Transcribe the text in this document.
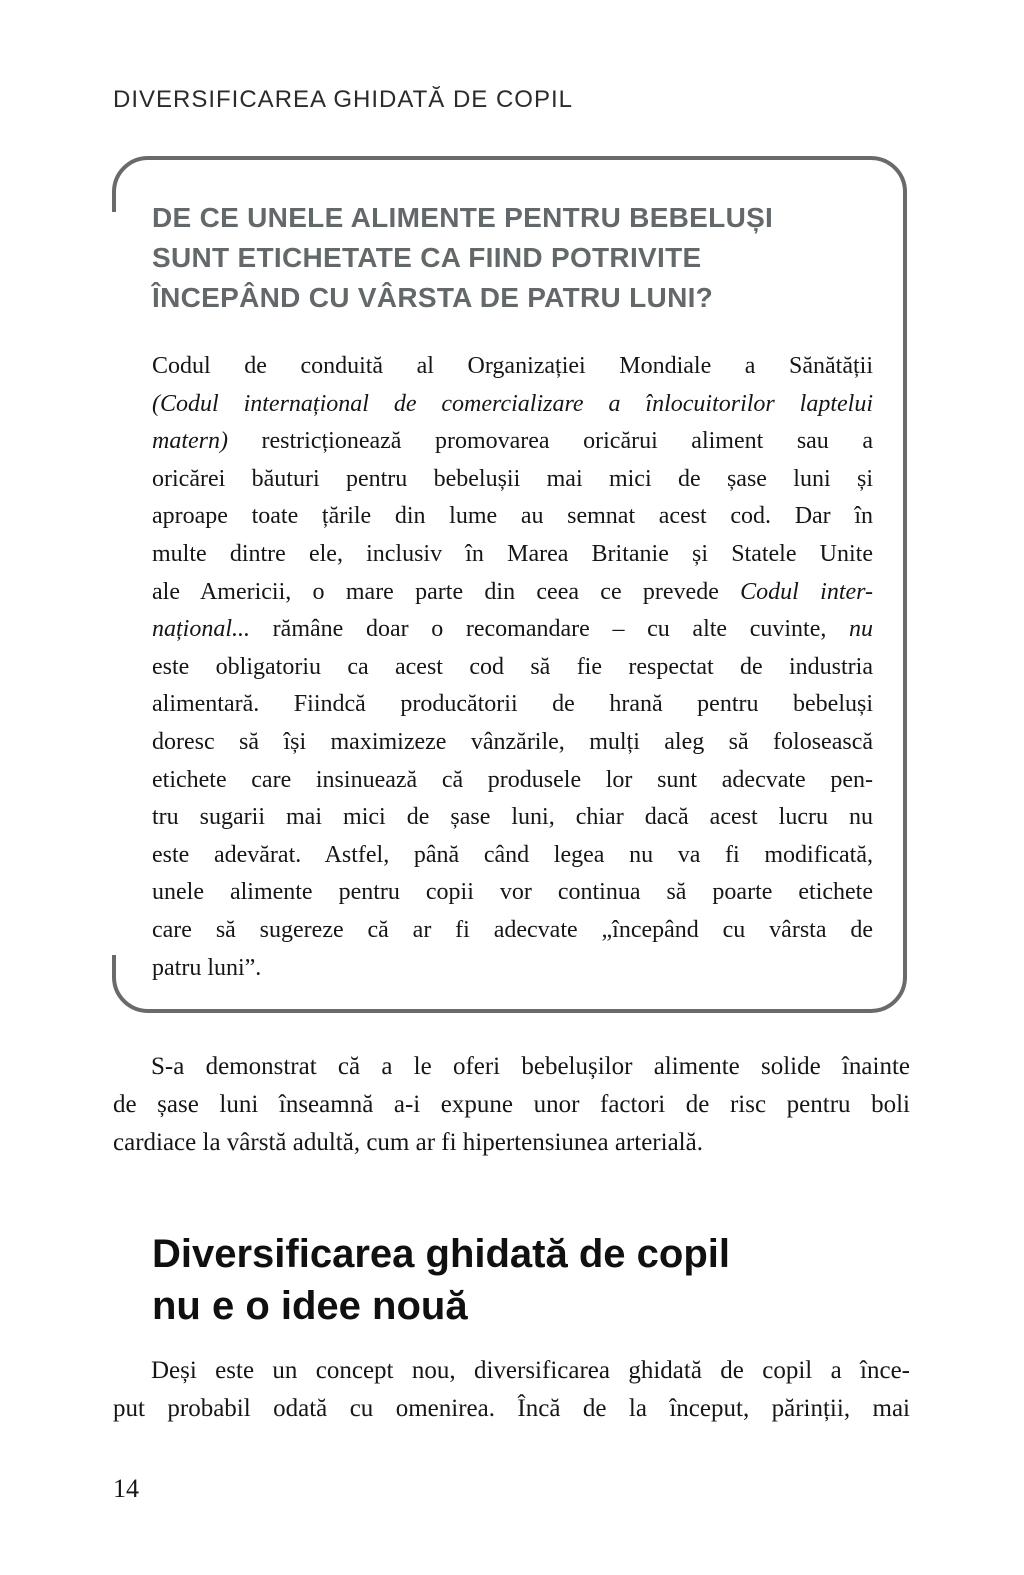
DIVERSIFICAREA GHIDATĂ DE COPIL
DE CE UNELE ALIMENTE PENTRU BEBELUȘI
SUNT ETICHETATE CA FIIND POTRIVITE
ÎNCEPÂND CU VÂRSTA DE PATRU LUNI?
Codul de conduită al Organizației Mondiale a Sănătății
(Codul internațional de comercializare a înlocuitorilor laptelui
matern) restricționează promovarea oricărui aliment sau a
oricărei băuturi pentru bebelușii mai mici de șase luni și
aproape toate țările din lume au semnat acest cod. Dar în
multe dintre ele, inclusiv în Marea Britanie și Statele Unite
ale Americii, o mare parte din ceea ce prevede Codul inter-
național... rămâne doar o recomandare – cu alte cuvinte, nu
este obligatoriu ca acest cod să fie respectat de industria
alimentară. Fiindcă producătorii de hrană pentru bebeluși
doresc să își maximizeze vânzările, mulți aleg să folosească
etichete care insinuează că produsele lor sunt adecvate pen-
tru sugarii mai mici de șase luni, chiar dacă acest lucru nu
este adevărat. Astfel, până când legea nu va fi modificată,
unele alimente pentru copii vor continua să poarte etichete
care să sugereze că ar fi adecvate „începând cu vârsta de
patru luni”.
S-a demonstrat că a le oferi bebelușilor alimente solide înainte
de șase luni înseamnă a-i expune unor factori de risc pentru boli
cardiace la vârstă adultă, cum ar fi hipertensiunea arterială.
Diversificarea ghidată de copil
nu e o idee nouă
Deși este un concept nou, diversificarea ghidată de copil a înce-
put probabil odată cu omenirea. Încă de la început, părinții, mai
14
